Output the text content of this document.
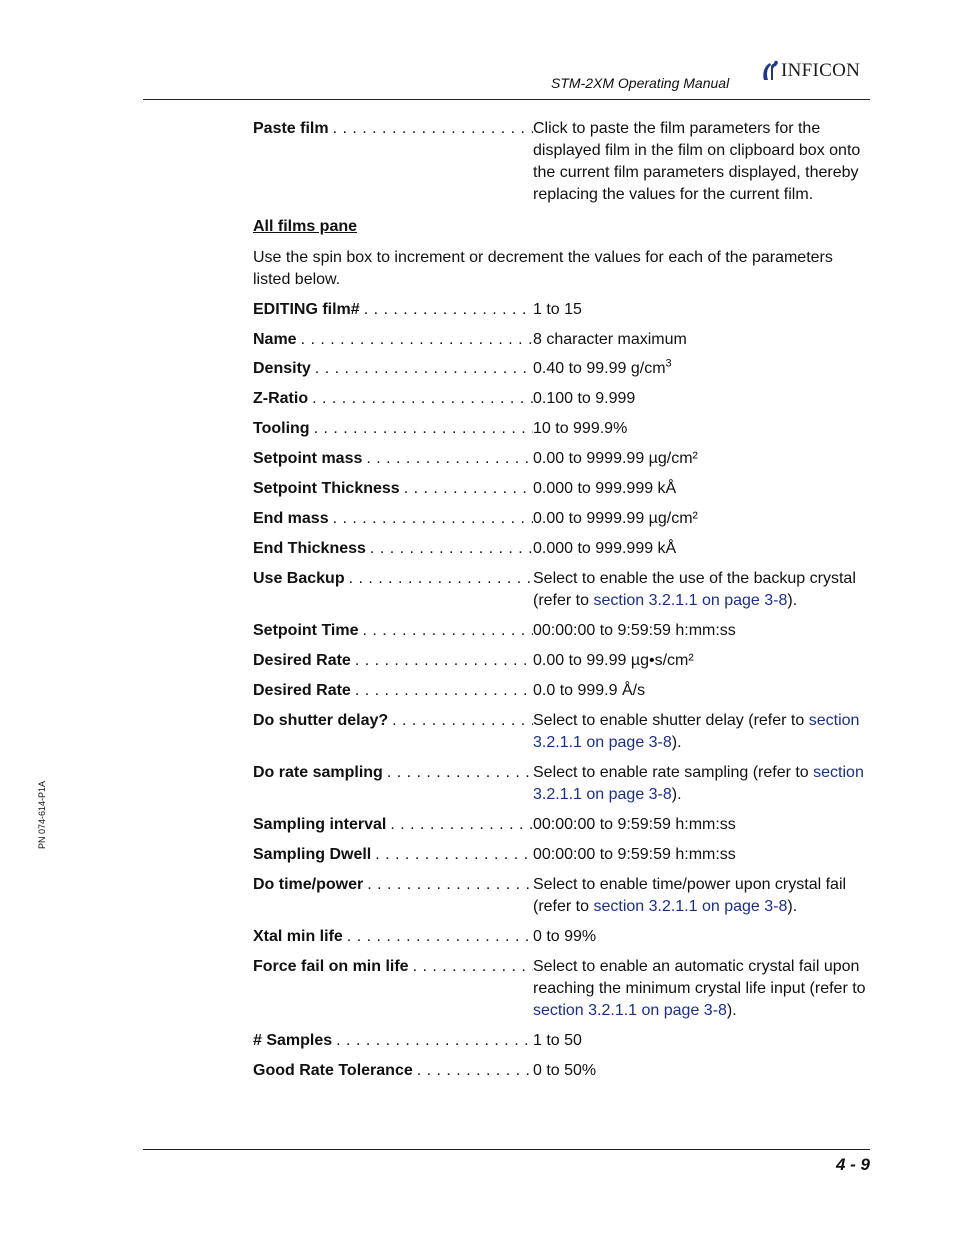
STM-2XM Operating Manual
INFICON
Paste film . . .	Click to paste the film parameters for the displayed film in the film on clipboard box onto the current film parameters displayed, thereby replacing the values for the current film.
All films pane
Use the spin box to increment or decrement the values for each of the parameters listed below.
EDITING film# . . .	1 to 15
Name . . .	8 character maximum
Density . . .	0.40 to 99.99 $g/cm^3$
Z-Ratio . . .	0.100 to 9.999
Tooling . . .	10 to 999.9%
Setpoint mass . . .	0.00 to 9999.99 µg/cm²
Setpoint Thickness . . .	0.000 to 999.999 kÅ
End mass . . .	0.00 to 9999.99 µg/cm²
End Thickness . . .	0.000 to 999.999 kÅ
Use Backup . . .	Select to enable the use of the backup crystal (refer to section 3.2.1.1 on page 3-8).
Setpoint Time . . .	00:00:00 to 9:59:59 h:mm:ss
Desired Rate . . .	0.00 to 99.99 µg•s/cm²
Desired Rate . . .	0.0 to 999.9 Å/s
Do shutter delay? . . .	Select to enable shutter delay (refer to section 3.2.1.1 on page 3-8).
Do rate sampling . . .	Select to enable rate sampling (refer to section 3.2.1.1 on page 3-8).
Sampling interval . . .	00:00:00 to 9:59:59 h:mm:ss
Sampling Dwell . . .	00:00:00 to 9:59:59 h:mm:ss
Do time/power . . .	Select to enable time/power upon crystal fail (refer to section 3.2.1.1 on page 3-8).
Xtal min life . . .	0 to 99%
Force fail on min life . . .	Select to enable an automatic crystal fail upon reaching the minimum crystal life input (refer to section 3.2.1.1 on page 3-8).
# Samples . . .	1 to 50
Good Rate Tolerance . . .	0 to 50%
PN 074-614-P1A
4 - 9
